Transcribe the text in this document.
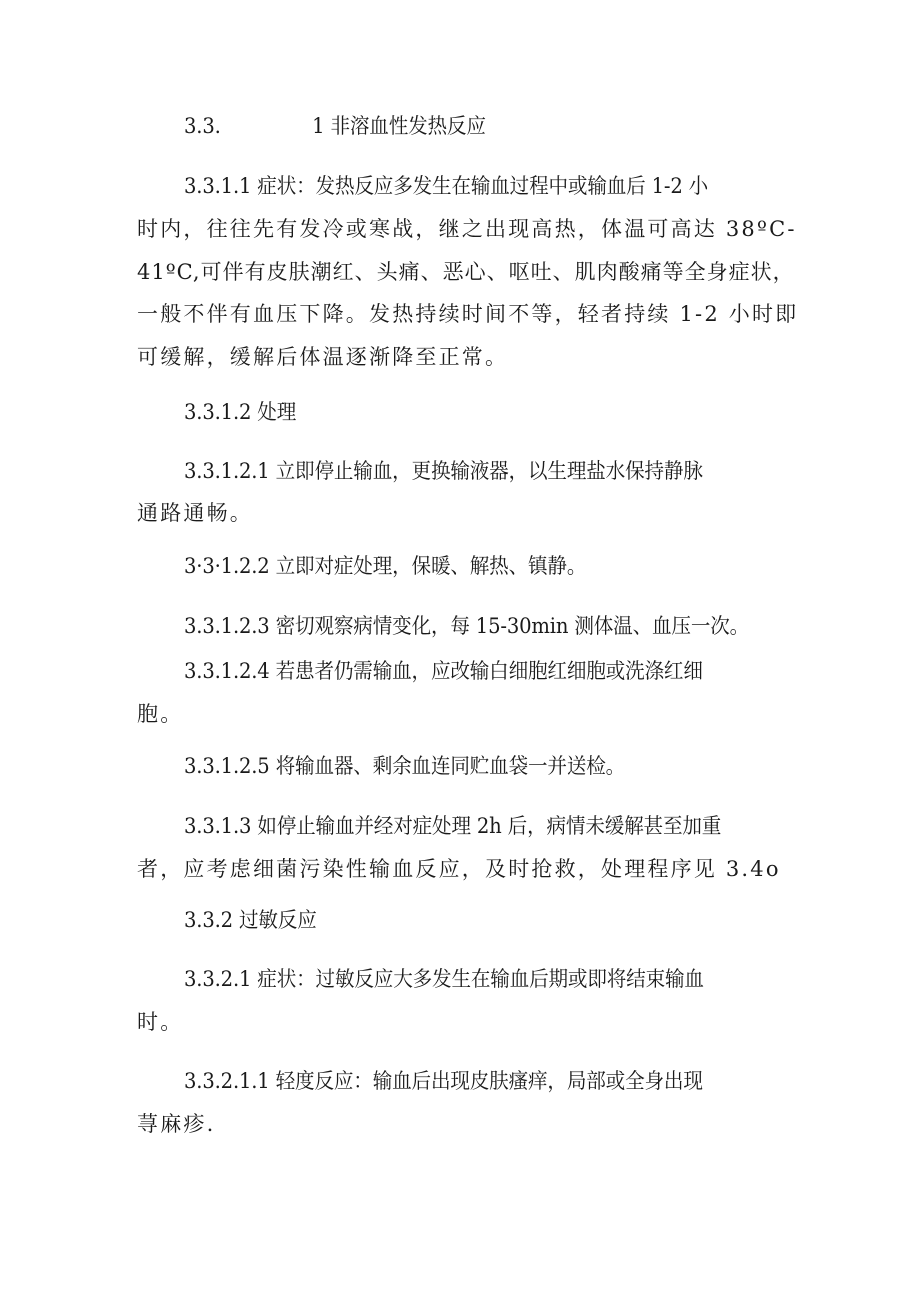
3.3.	1 非溶血性发热反应
3.3.1.1 症状：发热反应多发生在输血过程中或输血后 1-2 小
时内，往往先有发冷或寒战，继之出现高热，体温可高达 38ºC-
41ºC,可伴有皮肤潮红、头痛、恶心、呕吐、肌肉酸痛等全身症状，
一般不伴有血压下降。发热持续时间不等，轻者持续 1-2 小时即
可缓解，缓解后体温逐渐降至正常。
3.3.1.2 处理
3.3.1.2.1 立即停止输血，更换输液器，以生理盐水保持静脉
通路通畅。
3·3·1.2.2 立即对症处理，保暖、解热、镇静。
3.3.1.2.3 密切观察病情变化，每 15-30min 测体温、血压一次。
3.3.1.2.4 若患者仍需输血，应改输白细胞红细胞或洗涤红细
胞。
3.3.1.2.5 将输血器、剩余血连同贮血袋一并送检。
3.3.1.3 如停止输血并经对症处理 2h 后，病情未缓解甚至加重
者，应考虑细菌污染性输血反应，及时抢救，处理程序见 3.4o
3.3.2 过敏反应
3.3.2.1 症状：过敏反应大多发生在输血后期或即将结束输血
时。
3.3.2.1.1 轻度反应：输血后出现皮肤瘙痒，局部或全身出现
荨麻疹.
